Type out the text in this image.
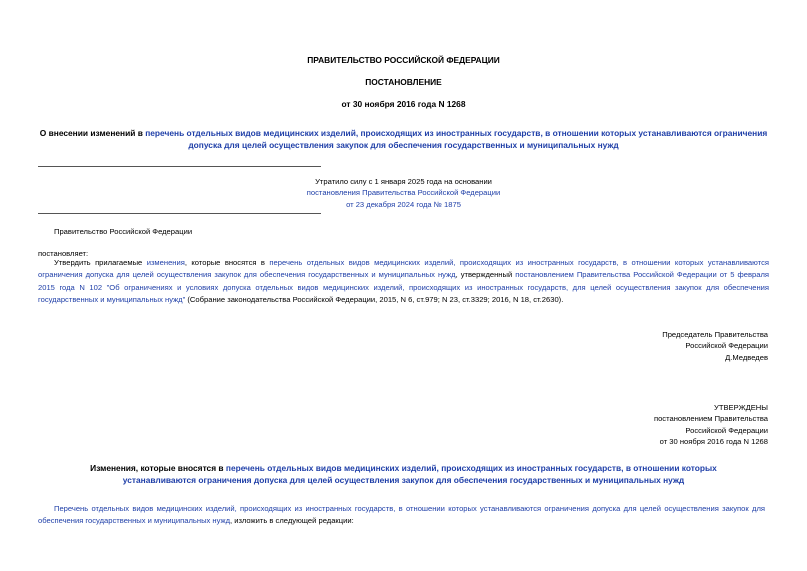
ПРАВИТЕЛЬСТВО РОССИЙСКОЙ ФЕДЕРАЦИИ
ПОСТАНОВЛЕНИЕ
от 30 ноября 2016 года N 1268
О внесении изменений в перечень отдельных видов медицинских изделий, происходящих из иностранных государств, в отношении которых устанавливаются ограничения допуска для целей осуществления закупок для обеспечения государственных и муниципальных нужд
Утратило силу с 1 января 2025 года на основании
постановления Правительства Российской Федерации
от 23 декабря 2024 года № 1875
Правительство Российской Федерации
постановляет:
Утвердить прилагаемые изменения, которые вносятся в перечень отдельных видов медицинских изделий, происходящих из иностранных государств, в отношении которых устанавливаются ограничения допуска для целей осуществления закупок для обеспечения государственных и муниципальных нужд, утвержденный постановлением Правительства Российской Федерации от 5 февраля 2015 года N 102 "Об ограничениях и условиях допуска отдельных видов медицинских изделий, происходящих из иностранных государств, для целей осуществления закупок для обеспечения государственных и муниципальных нужд" (Собрание законодательства Российской Федерации, 2015, N 6, ст.979; N 23, ст.3329; 2016, N 18, ст.2630).
Председатель Правительства
Российской Федерации
Д.Медведев
УТВЕРЖДЕНЫ
постановлением Правительства
Российской Федерации
от 30 ноября 2016 года N 1268
Изменения, которые вносятся в перечень отдельных видов медицинских изделий, происходящих из иностранных государств, в отношении которых устанавливаются ограничения допуска для целей осуществления закупок для обеспечения государственных и муниципальных нужд
Перечень отдельных видов медицинских изделий, происходящих из иностранных государств, в отношении которых устанавливаются ограничения допуска для целей осуществления закупок для обеспечения государственных и муниципальных нужд, изложить в следующей редакции:
